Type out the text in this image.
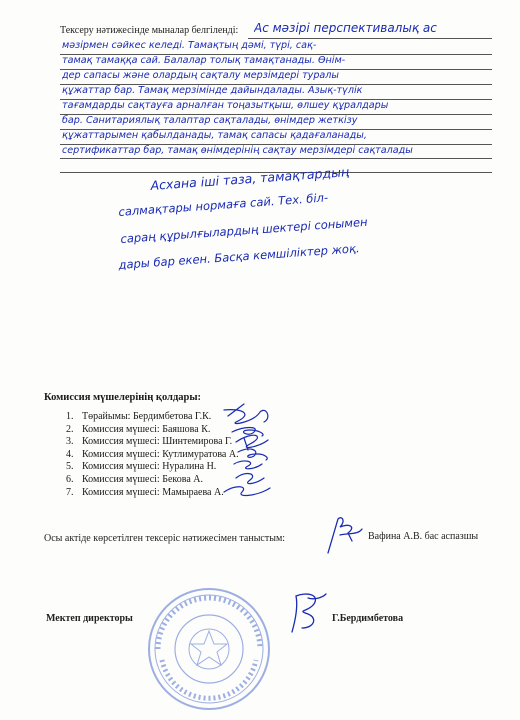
Тексеру нәтижесінде мыналар белгіленді: Ас мәзірі перспективалық ас
мәзірмен сәйкес келеді. Тамақтың дәмі, түрі, сақ-
тамақ тамаққа сай. Балалар толық тамақтанады. Өнім-
дер сапасы және олардың сақталу мерзімдері туралы
құжаттар бар. Тамақ мерзімінде дайындалады. Азық-түлік
тағамдарды сақтауға арналған тоңазытқыш, өлшеу құралдары
бар. Санитариялық талаптар сақталады, өнімдер жеткізу
құжаттарымен қабылданады, тамақ сапасы қадағаланады,
сертификаттар бар, тамақ өнімдерінің сақтау мерзімдері сақталады
Асхана іші таза, тамақтардың
салмақтары нормаға сай. Тех. біл-
сараң құрылғылардың шектері сонымен
дары бар екен. Басқа кемшіліктер жоқ.
Комиссия мүшелерінің қолдары:
1. Төрайымы: Бердимбетова Г.К.
2. Комиссия мүшесі: Баяшова К.
3. Комиссия мүшесі: Шинтемирова Г.
4. Комиссия мүшесі: Кутлимуратова А.
5. Комиссия мүшесі: Нуралина Н.
6. Комиссия мүшесі: Бекова А.
7. Комиссия мүшесі: Мамыраева А.
Осы актіде көрсетілген тексеріс нәтижесімен таныстым:	Вафина А.В. бас аспазшы
Мектеп директоры	Г.Бердимбетова
